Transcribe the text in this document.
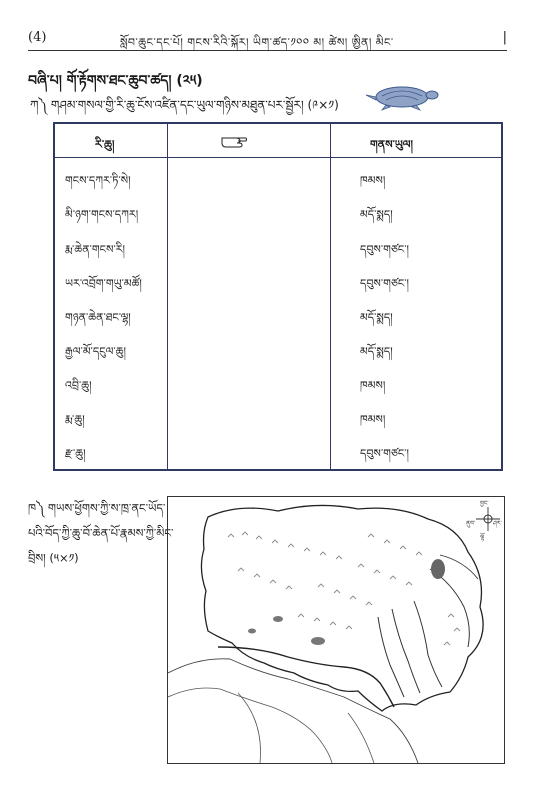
(4)	སློབ་ཆུང་དང་པོ། གངས་རིའི་སྐོར། ཡིག་ཚད་༡༠༠ མ། ཚེས། ཨྱིན། མིང་	|
བཞི་པ། གོ་རྟོགས་ཐང་ཆུབ་ཚད། (༢༥)
ཀ༽ གཤམ་གསལ་གྱི་རི་ཆུ་ངོས་འཛིན་དང་ཡུལ་གཉིས་མཐུན་པར་སྦྱོར། (༩×༡)
རི་ཆུ།	གནས་ཡུལ།
གངས་དཀར་ཏི་སེ།	ཁམས།
མི་ཉག་གངས་དཀར།	མདོ་སྨད།
རྨ་ཆེན་གངས་རི།	དབུས་གཙང་།
ཡར་འབྲོག་གཡུ་མཚོ།	དབུས་གཙང་།
གཉན་ཆེན་ཐང་ལྷ།	མདོ་སྨད།
རྒྱལ་མོ་དངུལ་ཆུ།	མདོ་སྨད།
འབྲི་ཆུ།	ཁམས།
རྨ་ཆུ།	ཁམས།
རྫ་ཆུ།	དབུས་གཙང་།
ཁ༽ གཡས་ཕྱོགས་ཀྱི་ས་ཁྲ་ནང་ཡོད་པའི་བོད་ཀྱི་ཆུ་བོ་ཆེན་པོ་རྣམས་ཀྱི་མིང་བྲིས། (༥×༡)
བྱང་
ཤར་
ལྷོ
ནུབ་
